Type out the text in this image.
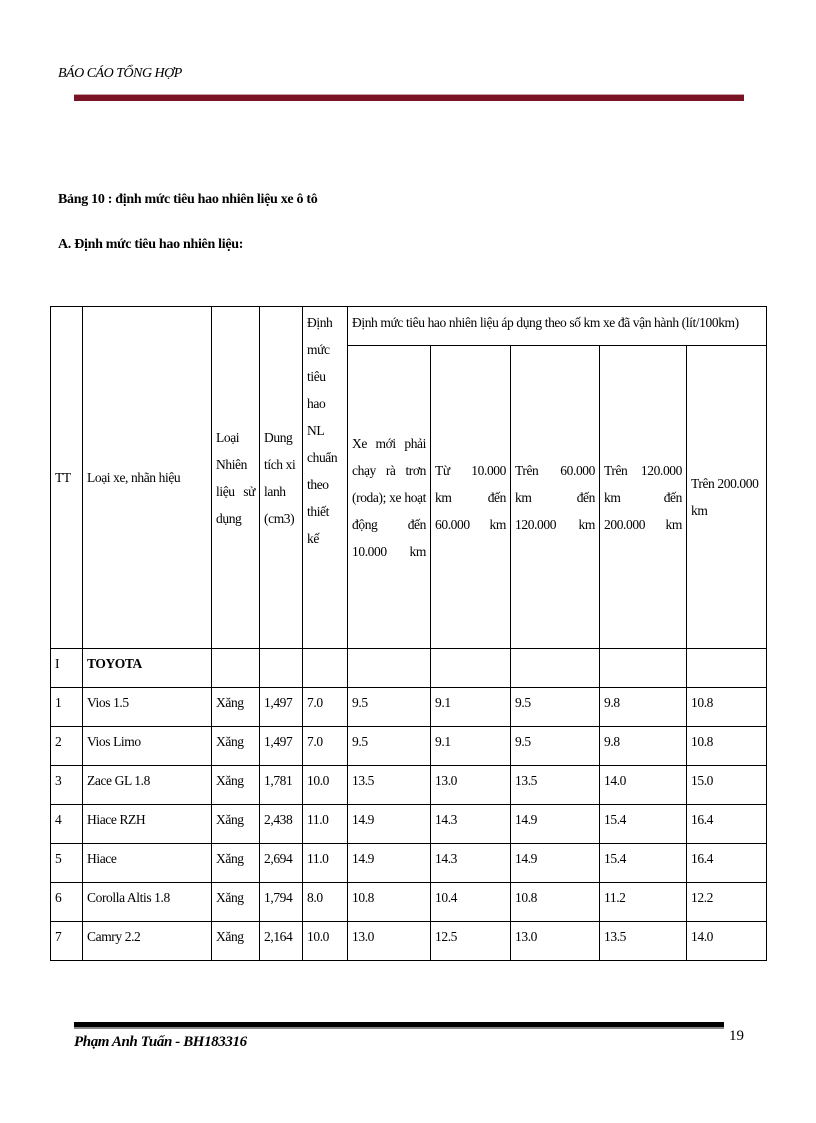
BÁO CÁO TỔNG HỢP
Bảng 10 : định mức tiêu hao nhiên liệu xe ô tô
A. Định mức tiêu hao nhiên liệu:
TT	Loại xe, nhãn hiệu	Loại Nhiên liệu sử dụng	Dung tích xi lanh (cm3)	Định mức tiêu hao NL chuẩn theo thiết kế	Định mức tiêu hao nhiên liệu áp dụng theo số km xe đã vận hành (lít/100km)				
					Xe mới phải chạy rà trơn (roda); xe hoạt động đến 10.000 km	Từ 10.000 km đến 60.000 km	Trên 60.000 km đến 120.000 km	Trên 120.000 km đến 200.000 km	Trên 200.000 km
I	TOYOTA								
1	Vios 1.5	Xăng	1,497	7.0	9.5	9.1	9.5	9.8	10.8
2	Vios Limo	Xăng	1,497	7.0	9.5	9.1	9.5	9.8	10.8
3	Zace GL 1.8	Xăng	1,781	10.0	13.5	13.0	13.5	14.0	15.0
4	Hiace RZH	Xăng	2,438	11.0	14.9	14.3	14.9	15.4	16.4
5	Hiace	Xăng	2,694	11.0	14.9	14.3	14.9	15.4	16.4
6	Corolla Altis 1.8	Xăng	1,794	8.0	10.8	10.4	10.8	11.2	12.2
7	Camry 2.2	Xăng	2,164	10.0	13.0	12.5	13.0	13.5	14.0
Phạm Anh Tuấn - BH183316	19
